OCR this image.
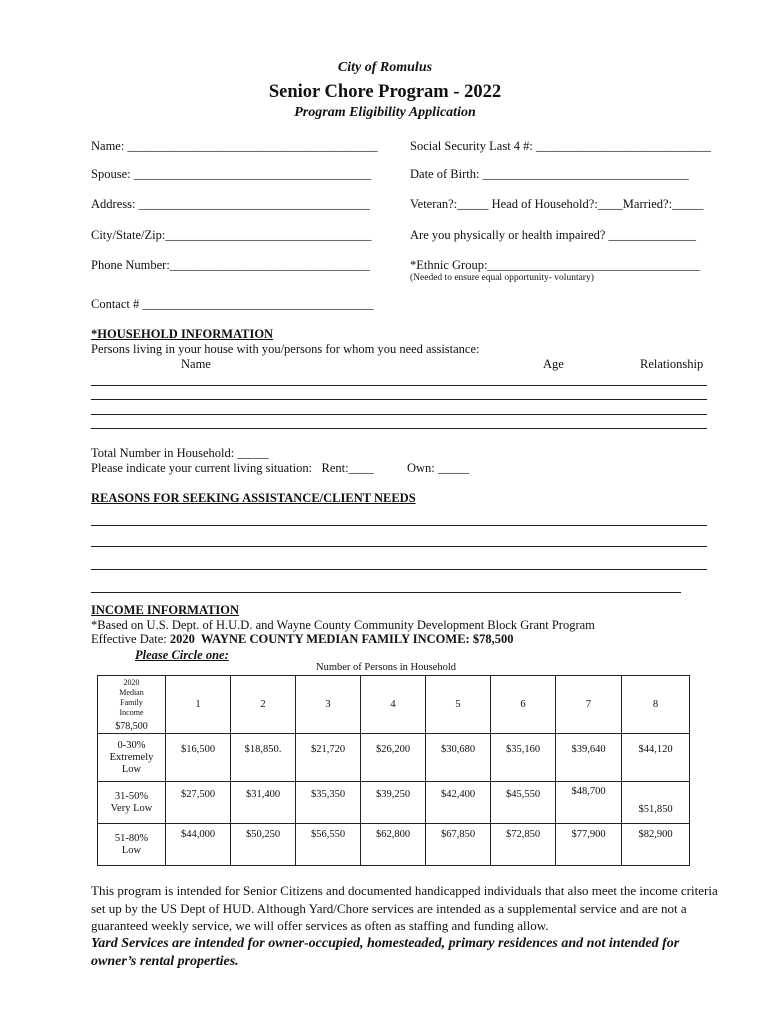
City of Romulus
Senior Chore Program - 2022
Program Eligibility Application
Name: ________________________________________	Social Security Last 4 #: ____________________________
Spouse: ______________________________________	Date of Birth: _________________________________
Address: _____________________________________	Veteran?:_____ Head of Household?:____Married?:_____
City/State/Zip:_________________________________	Are you physically or health impaired? ______________
Phone Number:________________________________	*Ethnic Group:__________________________________
(Needed to ensure equal opportunity- voluntary)
Contact # _____________________________________
*HOUSEHOLD INFORMATION
Persons living in your house with you/persons for whom you need assistance:
Name	Age	Relationship
Total Number in Household: _____
Please indicate your current living situation:   Rent:____	Own: _____
REASONS FOR SEEKING ASSISTANCE/CLIENT NEEDS
INCOME INFORMATION
*Based on U.S. Dept. of H.U.D. and Wayne County Community Development Block Grant Program
Effective Date: 2020  WAYNE COUNTY MEDIAN FAMILY INCOME: $78,500
Please Circle one:
Number of Persons in Household
2020
Median
Family
Income
$78,500	1	2	3	4	5	6	7	8

0-30%
Extremely
Low	$16,500	$18,850.	$21,720	$26,200	$30,680	$35,160	$39,640	$44,120

31-50%
Very Low	$27,500	$31,400	$35,350	$39,250	$42,400	$45,550	$48,700	$51,850

51-80%
Low	$44,000	$50,250	$56,550	$62,800	$67,850	$72,850	$77,900	$82,900
This program is intended for Senior Citizens and documented handicapped individuals that also meet the income criteria set up by the US Dept of HUD. Although Yard/Chore services are intended as a supplemental service and are not a guaranteed weekly service, we will offer services as often as staffing and funding allow.
Yard Services are intended for owner-occupied, homesteaded, primary residences and not intended for owner’s rental properties.
